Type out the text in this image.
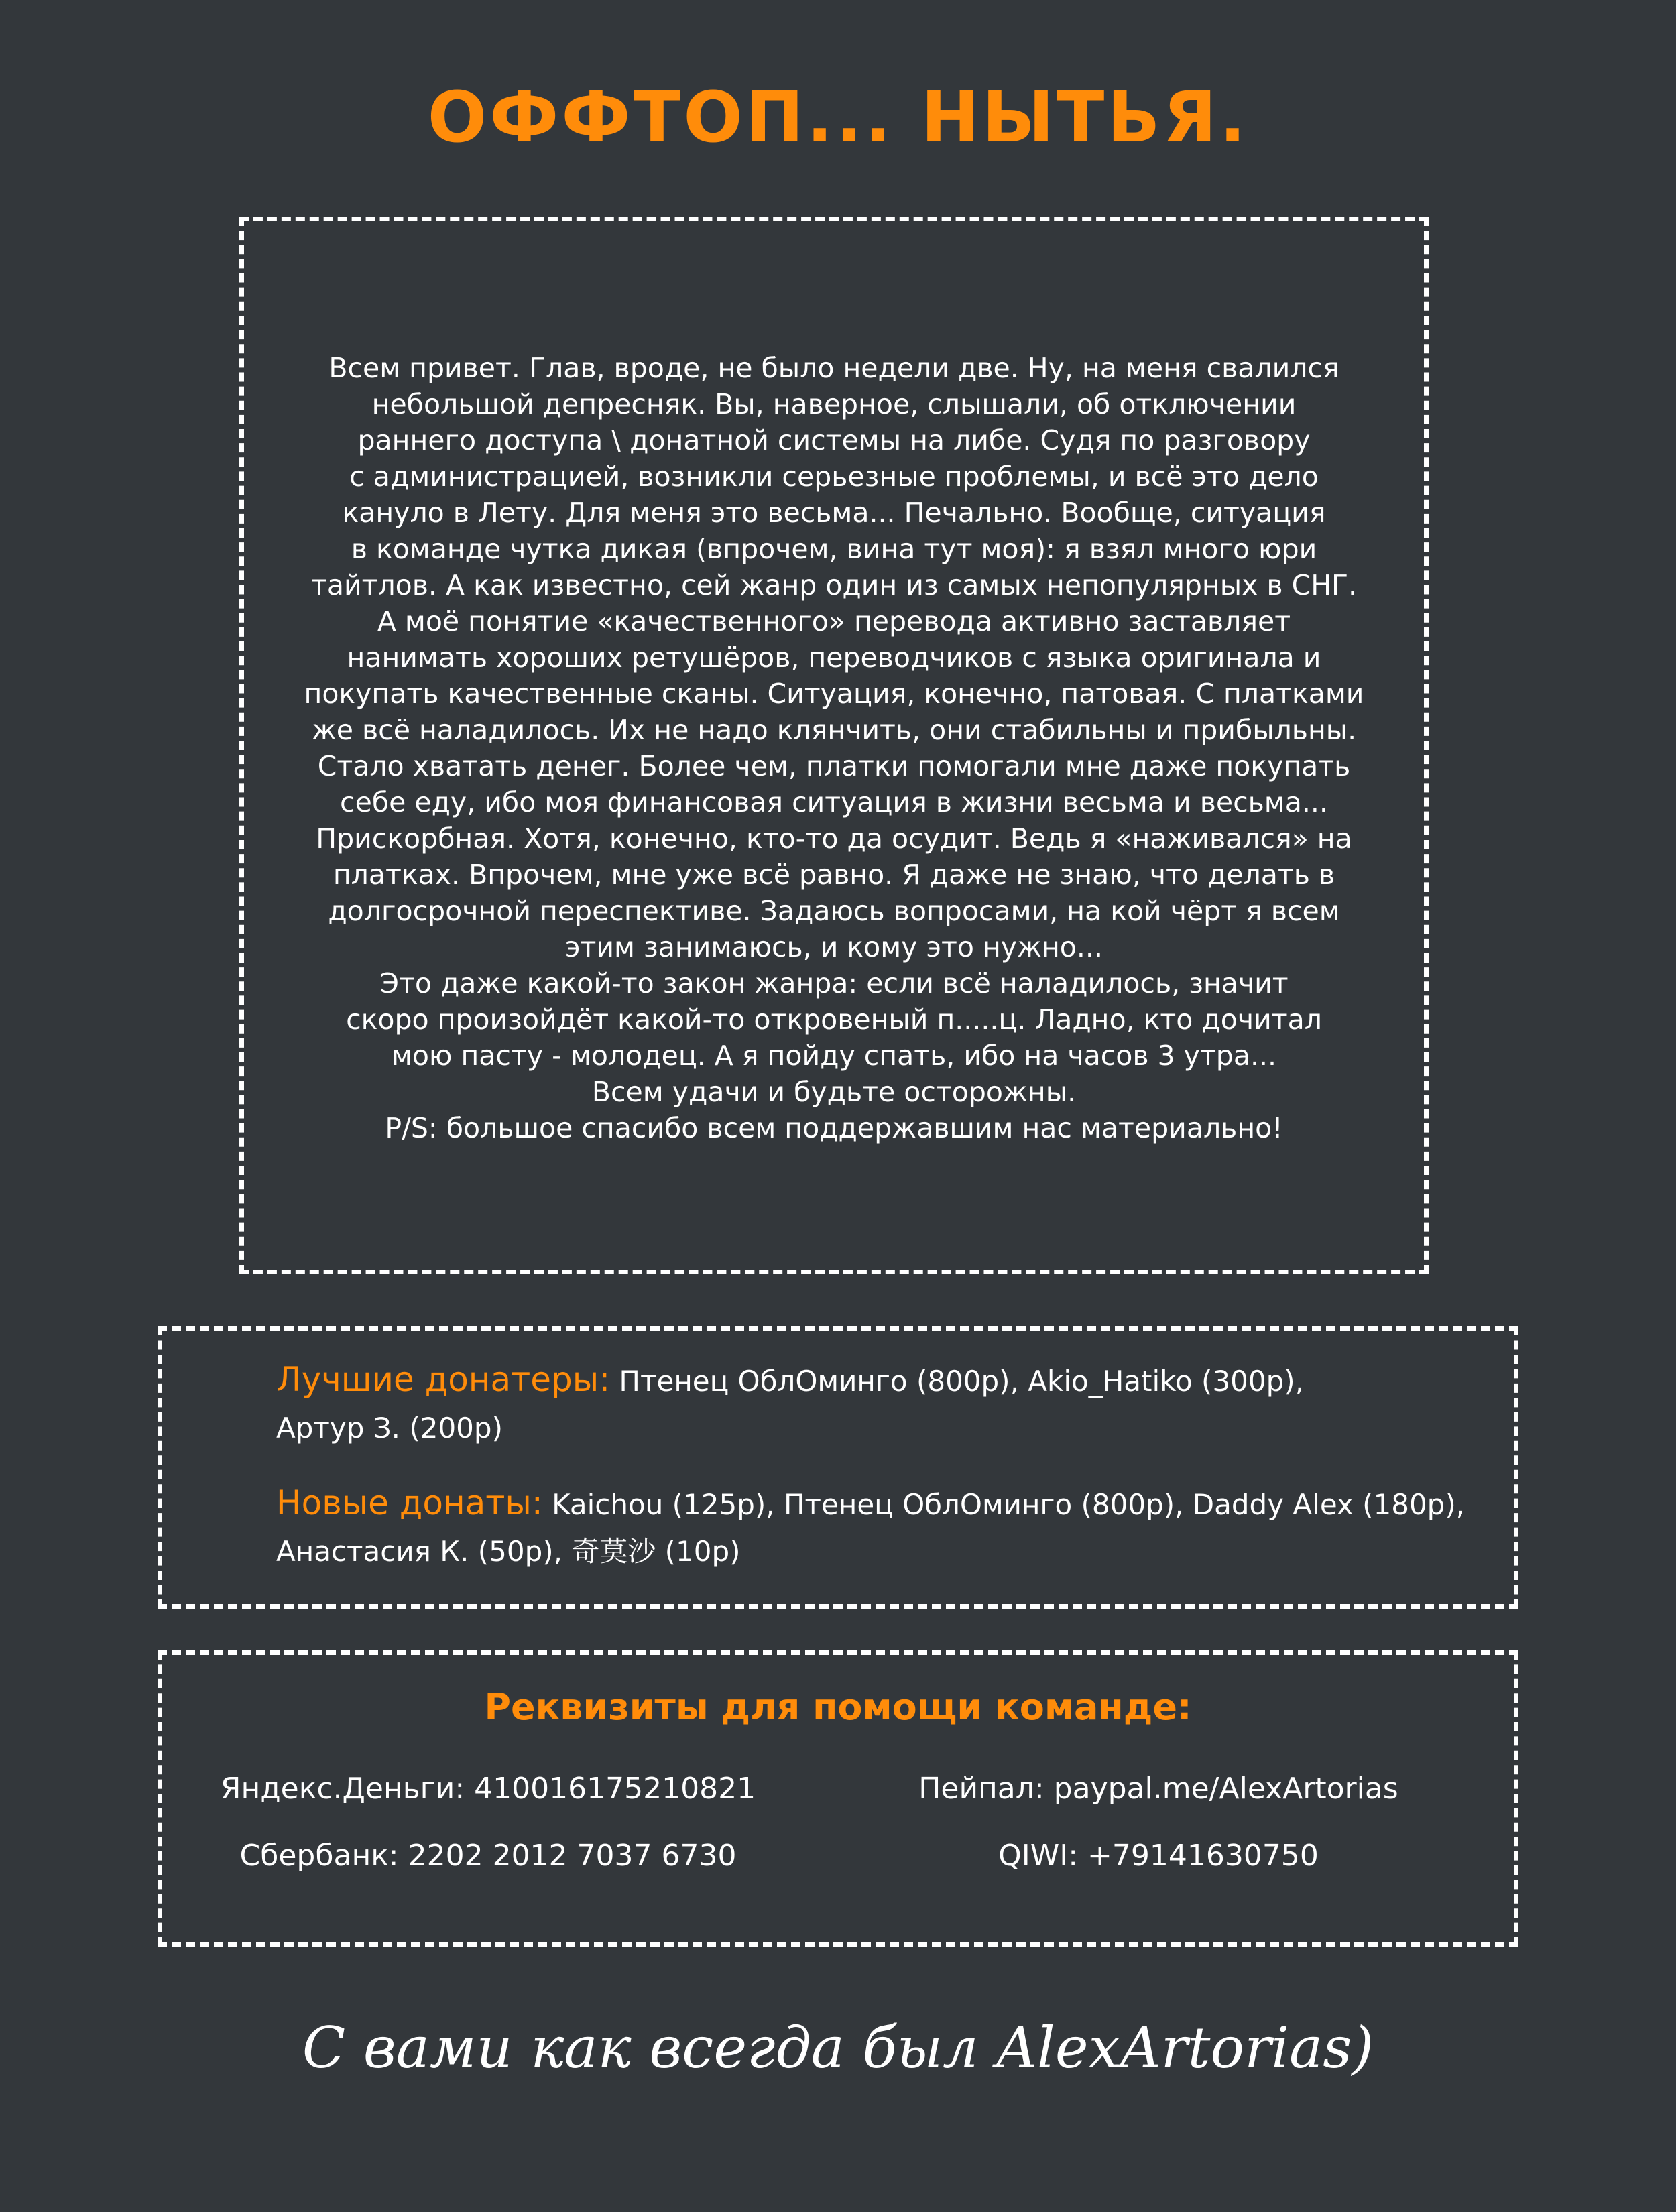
ОФФТОП... НЫТЬЯ.

Всем привет. Глав, вроде, не было недели две. Ну, на меня свалился

небольшой депресняк. Вы, наверное, слышали, об отключении

раннего доступа \ донатной системы на либе. Судя по разговору

с администрацией, возникли серьезные проблемы, и всё это дело

кануло в Лету. Для меня это весьма... Печально. Вообще, ситуация

в команде чутка дикая (впрочем, вина тут моя): я взял много юри

тайтлов. А как известно, сей жанр один из самых непопулярных в СНГ.

А моё понятие «качественного» перевода активно заставляет

нанимать хороших ретушёров, переводчиков с языка оригинала и

покупать качественные сканы. Ситуация, конечно, патовая. С платками

же всё наладилось. Их не надо клянчить, они стабильны и прибыльны.

Стало хватать денег. Более чем, платки помогали мне даже покупать

себе еду, ибо моя финансовая ситуация в жизни весьма и весьма...

Прискорбная. Хотя, конечно, кто-то да осудит. Ведь я «наживался» на

платках. Впрочем, мне уже всё равно. Я даже не знаю, что делать в

долгосрочной переспективе. Задаюсь вопросами, на кой чёрт я всем

этим занимаюсь, и кому это нужно...

Это даже какой-то закон жанра: если всё наладилось, значит

скоро произойдёт какой-то откровеный п.....ц. Ладно, кто дочитал

мою пасту - молодец. А я пойду спать, ибо на часов 3 утра...

Всем удачи и будьте осторожны.

P/S: большое спасибо всем поддержавшим нас материально!

Лучшие донатеры: Птенец ОблОминго (800р), Akio_Hatiko (300р),
Артур З. (200р)
Новые донаты: Kaichou (125р), Птенец ОблОминго (800р), Daddy Alex (180р),
Анастасия К. (50р), 奇莫沙 (10р)
Реквизиты для помощи команде:
Яндекс.Деньги: 410016175210821	Пейпал: paypal.me/AlexArtorias
Сбербанк: 2202 2012 7037 6730	QIWI: +79141630750
С вами как всегда был AlexArtorias)
